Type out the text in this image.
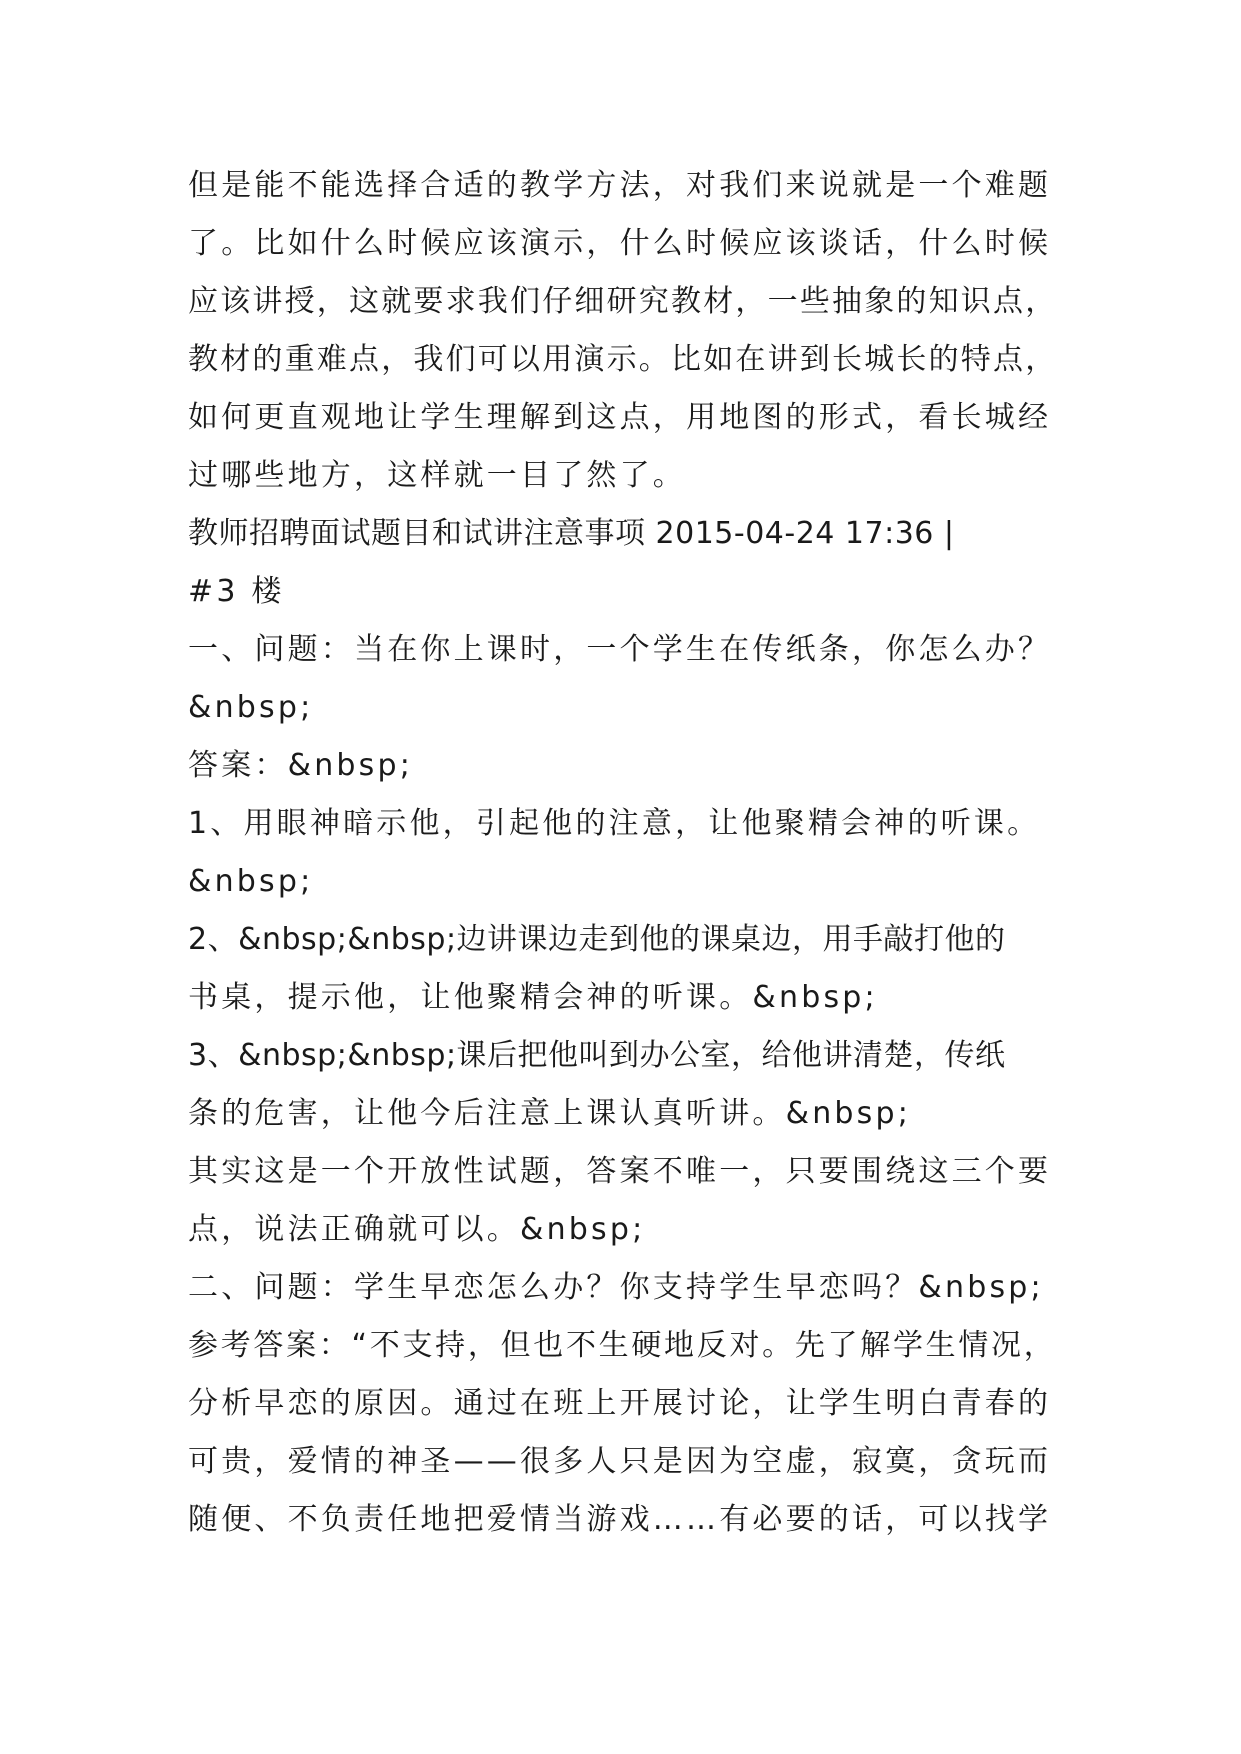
但是能不能选择合适的教学方法，对我们来说就是一个难题
了。比如什么时候应该演示，什么时候应该谈话，什么时候
应该讲授，这就要求我们仔细研究教材，一些抽象的知识点，
教材的重难点，我们可以用演示。比如在讲到长城长的特点，
如何更直观地让学生理解到这点，用地图的形式，看长城经
过哪些地方，这样就一目了然了。
教师招聘面试题目和试讲注意事项 2015-04-24 17:36 |
#3 楼
一、问题：当在你上课时，一个学生在传纸条，你怎么办？
&nbsp;
答案：&nbsp;
1、用眼神暗示他，引起他的注意，让他聚精会神的听课。
&nbsp;
2、&nbsp;&nbsp;边讲课边走到他的课桌边，用手敲打他的
书桌，提示他，让他聚精会神的听课。&nbsp;
3、&nbsp;&nbsp;课后把他叫到办公室，给他讲清楚，传纸
条的危害，让他今后注意上课认真听讲。&nbsp;
其实这是一个开放性试题，答案不唯一，只要围绕这三个要
点，说法正确就可以。&nbsp;
二、问题：学生早恋怎么办？你支持学生早恋吗？&nbsp;
参考答案：“不支持，但也不生硬地反对。先了解学生情况，
分析早恋的原因。通过在班上开展讨论，让学生明白青春的
可贵，爱情的神圣——很多人只是因为空虚，寂寞，贪玩而
随便、不负责任地把爱情当游戏……有必要的话，可以找学
